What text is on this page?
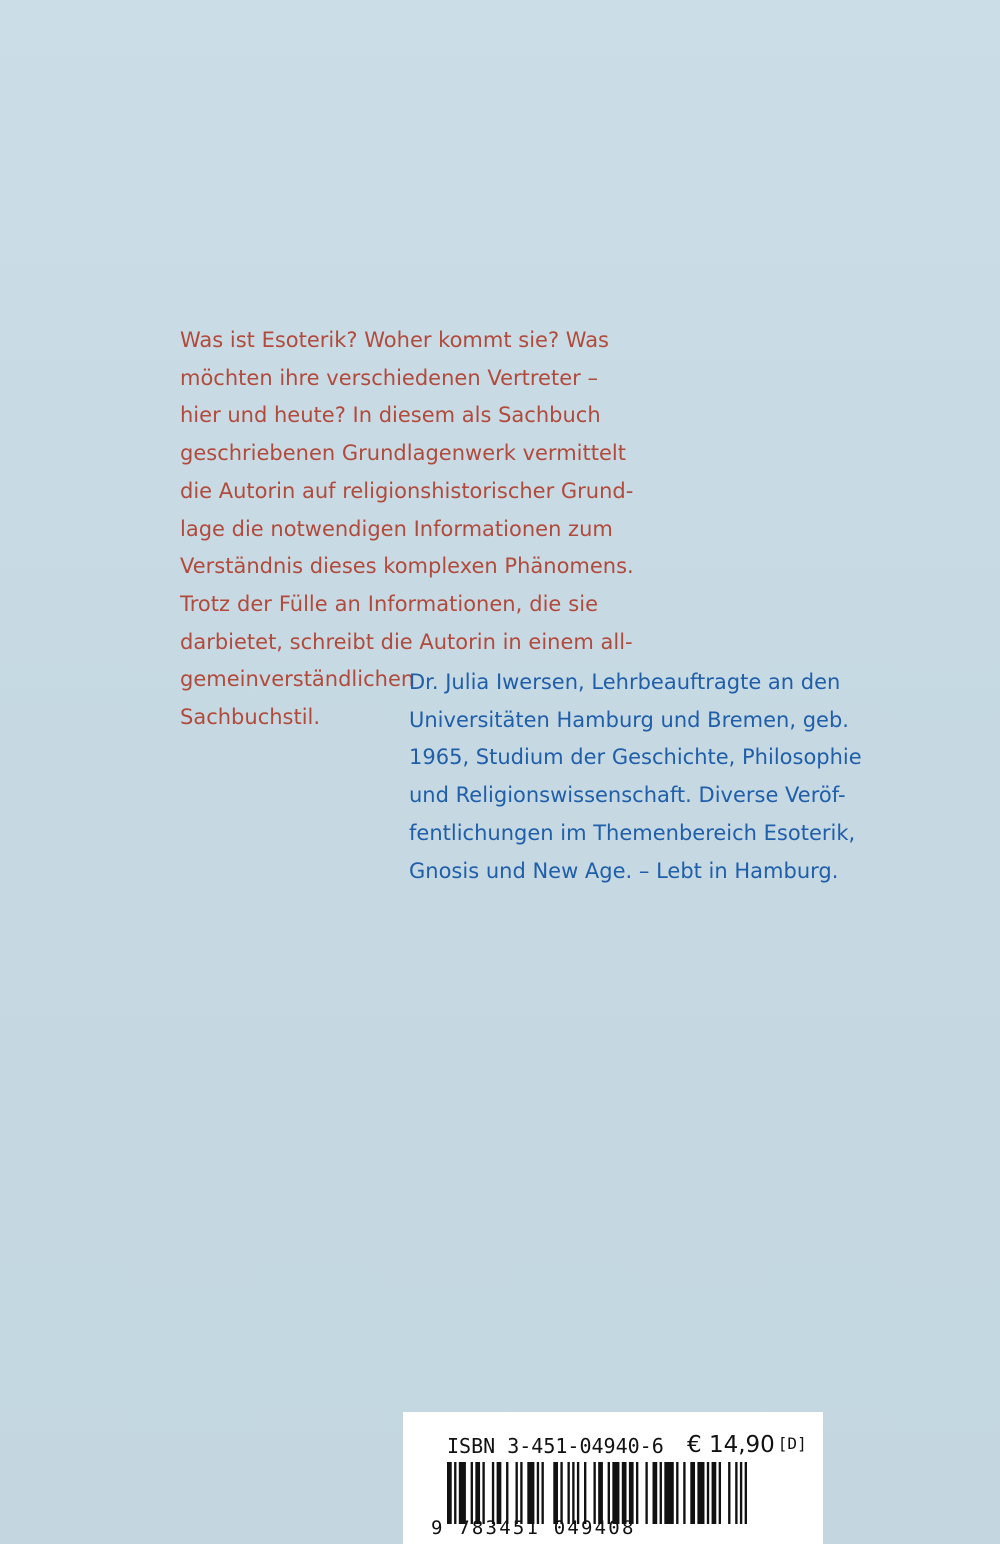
Was ist Esoterik? Woher kommt sie? Was
möchten ihre verschiedenen Vertreter –
hier und heute? In diesem als Sachbuch
geschriebenen Grundlagenwerk vermittelt
die Autorin auf religionshistorischer Grund-
lage die notwendigen Informationen zum
Verständnis dieses komplexen Phänomens.
Trotz der Fülle an Informationen, die sie
darbietet, schreibt die Autorin in einem all-
gemeinverständlichen
Sachbuchstil.
Dr. Julia Iwersen, Lehrbeauftragte an den
Universitäten Hamburg und Bremen, geb.
1965, Studium der Geschichte, Philosophie
und Religionswissenschaft. Diverse Veröf-
fentlichungen im Themenbereich Esoterik,
Gnosis und New Age. – Lebt in Hamburg.
ISBN 3-451-04940-6 € 14,90 [D]
9 783451 049408
